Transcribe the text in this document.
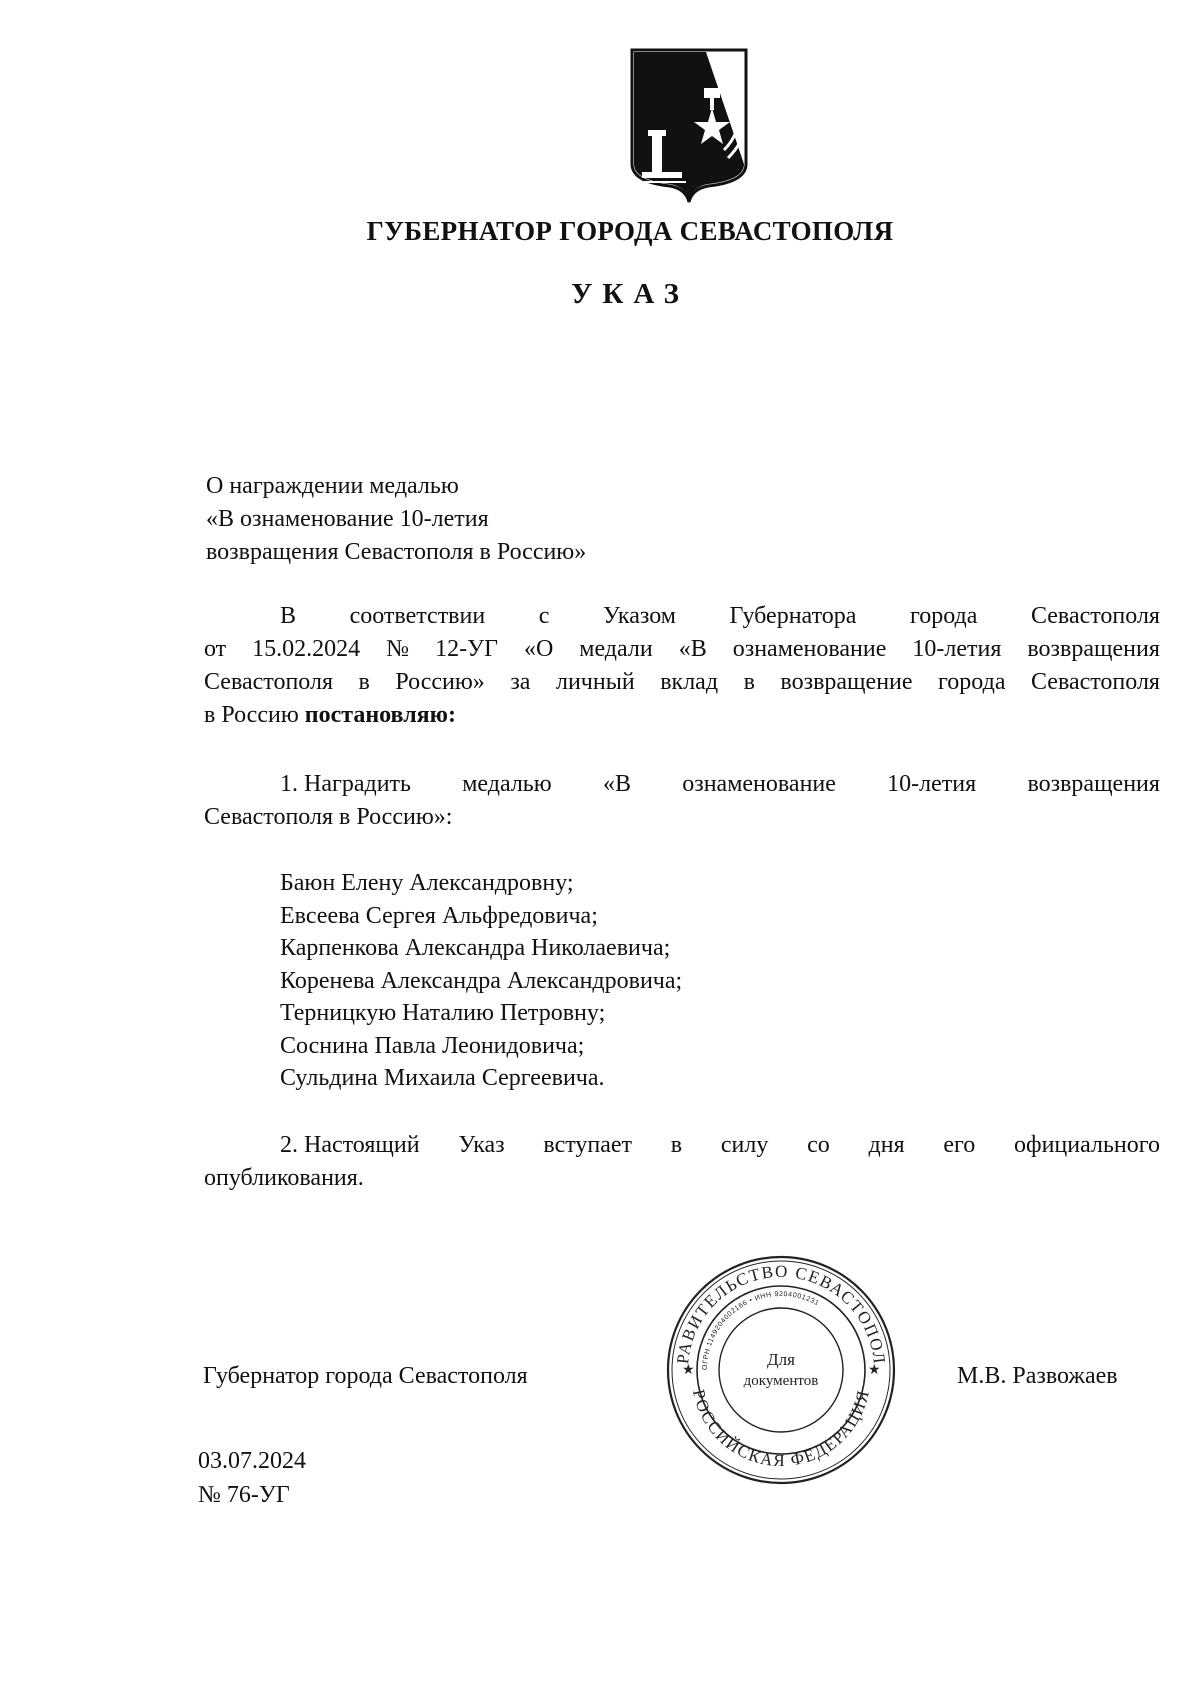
ГУБЕРНАТОР ГОРОДА СЕВАСТОПОЛЯ
УКАЗ
О награждении медалью
«В ознаменование 10-летия
возвращения Севастополя в Россию»
В соответствии с Указом Губернатора города Севастополя
от 15.02.2024 № 12-УГ «О медали «В ознаменование 10-летия возвращения
Севастополя в Россию» за личный вклад в возвращение города Севастополя
в Россию постановляю:
1. Наградить медалью «В ознаменование 10-летия возвращения
Севастополя в Россию»:
Баюн Елену Александровну;
Евсеева Сергея Альфредовича;
Карпенкова Александра Николаевича;
Коренева Александра Александровича;
Терницкую Наталию Петровну;
Соснина Павла Леонидовича;
Сульдина Михаила Сергеевича.
2. Настоящий Указ вступает в силу со дня его официального
опубликования.
Губернатор города Севастополя	М.В. Развожаев
РАВИТЕЛЬСТВО СЕВАСТОПОЛ
РОССИЙСКАЯ ФЕДЕРАЦИЯ
ОГРН 1149204002166 • ИНН 9204001231
★	★
Для
документов
03.07.2024
№ 76-УГ
